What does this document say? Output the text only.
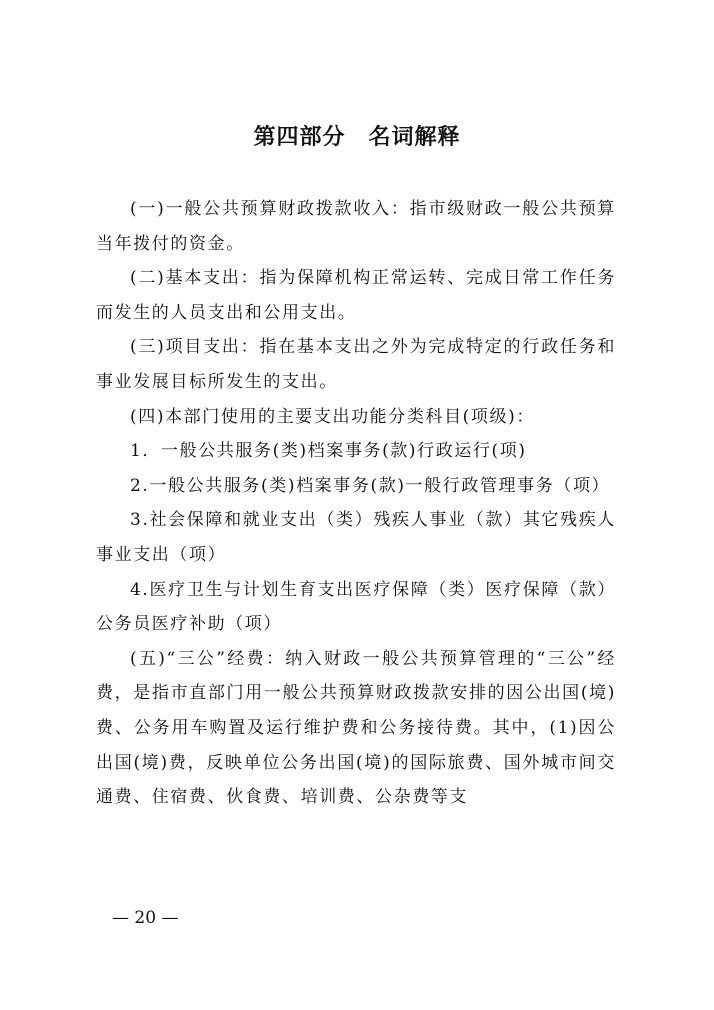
第四部分　名词解释

(一)一般公共预算财政拨款收入：指市级财政一般公共预算当年拨付的资金。

(二)基本支出：指为保障机构正常运转、完成日常工作任务而发生的人员支出和公用支出。

(三)项目支出：指在基本支出之外为完成特定的行政任务和事业发展目标所发生的支出。

(四)本部门使用的主要支出功能分类科目(项级)：

1．一般公共服务(类)档案事务(款)行政运行(项)

2.一般公共服务(类)档案事务(款)一般行政管理事务（项）

3.社会保障和就业支出（类）残疾人事业（款）其它残疾人事业支出（项）

4.医疗卫生与计划生育支出医疗保障（类）医疗保障（款）公务员医疗补助（项）

(五)“三公”经费：纳入财政一般公共预算管理的“三公”经费，是指市直部门用一般公共预算财政拨款安排的因公出国(境)费、公务用车购置及运行维护费和公务接待费。其中，(1)因公出国(境)费，反映单位公务出国(境)的国际旅费、国外城市间交通费、住宿费、伙食费、培训费、公杂费等支

— 20 —
